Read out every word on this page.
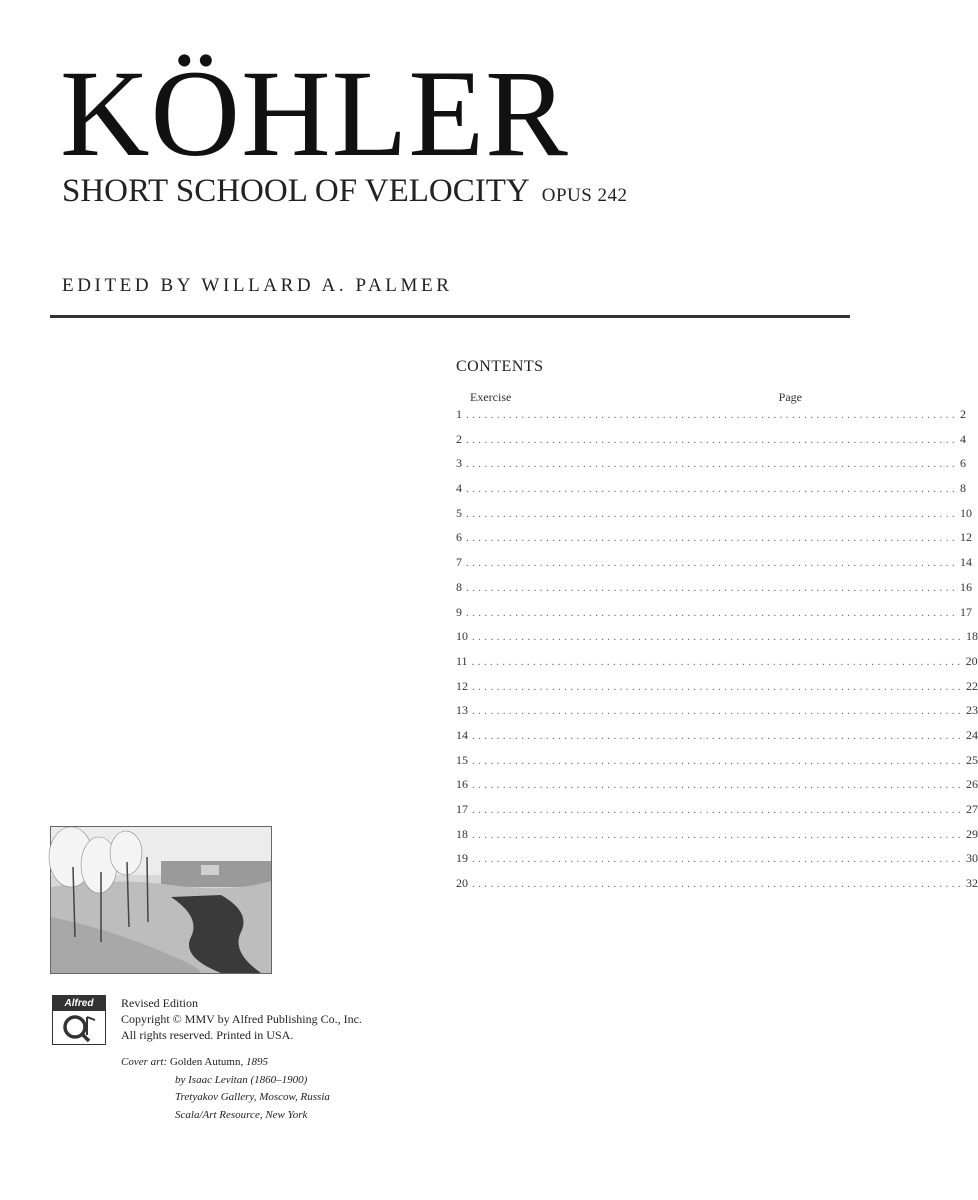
KÖHLER
SHORT SCHOOL OF VELOCITY OPUS 242
EDITED BY WILLARD A. PALMER
CONTENTS
Exercise	Page
1 ................................................................................ 2
2 ................................................................................ 4
3 ................................................................................ 6
4 ................................................................................ 8
5 ................................................................................ 10
6 ................................................................................ 12
7 ................................................................................ 14
8 ................................................................................ 16
9 ................................................................................ 17
10 ................................................................................ 18
11 ................................................................................ 20
12 ................................................................................ 22
13 ................................................................................ 23
14 ................................................................................ 24
15 ................................................................................ 25
16 ................................................................................ 26
17 ................................................................................ 27
18 ................................................................................ 29
19 ................................................................................ 30
20 ................................................................................ 32
Alfred	Revised Edition
Copyright © MMV by Alfred Publishing Co., Inc.
All rights reserved. Printed in USA.
Cover art: Golden Autumn, 1895
by Isaac Levitan (1860–1900)
Tretyakov Gallery, Moscow, Russia
Scala/Art Resource, New York
